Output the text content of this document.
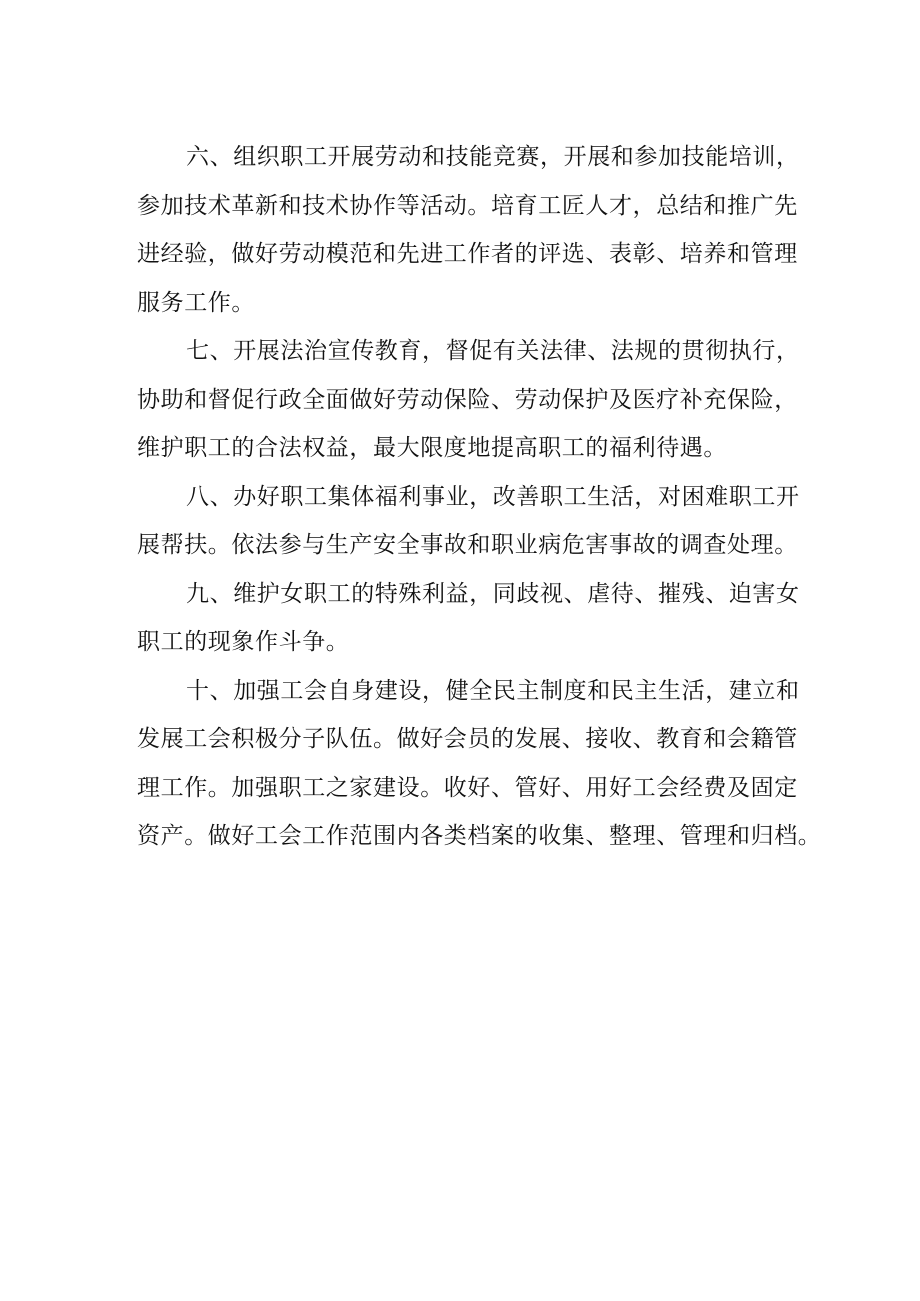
六、组织职工开展劳动和技能竞赛，开展和参加技能培训，
参加技术革新和技术协作等活动。培育工匠人才，总结和推广先
进经验，做好劳动模范和先进工作者的评选、表彰、培养和管理
服务工作。

七、开展法治宣传教育，督促有关法律、法规的贯彻执行，
协助和督促行政全面做好劳动保险、劳动保护及医疗补充保险，
维护职工的合法权益，最大限度地提高职工的福利待遇。

八、办好职工集体福利事业，改善职工生活，对困难职工开
展帮扶。依法参与生产安全事故和职业病危害事故的调查处理。

九、维护女职工的特殊利益，同歧视、虐待、摧残、迫害女
职工的现象作斗争。

十、加强工会自身建设，健全民主制度和民主生活，建立和
发展工会积极分子队伍。做好会员的发展、接收、教育和会籍管
理工作。加强职工之家建设。收好、管好、用好工会经费及固定
资产。做好工会工作范围内各类档案的收集、整理、管理和归档。
